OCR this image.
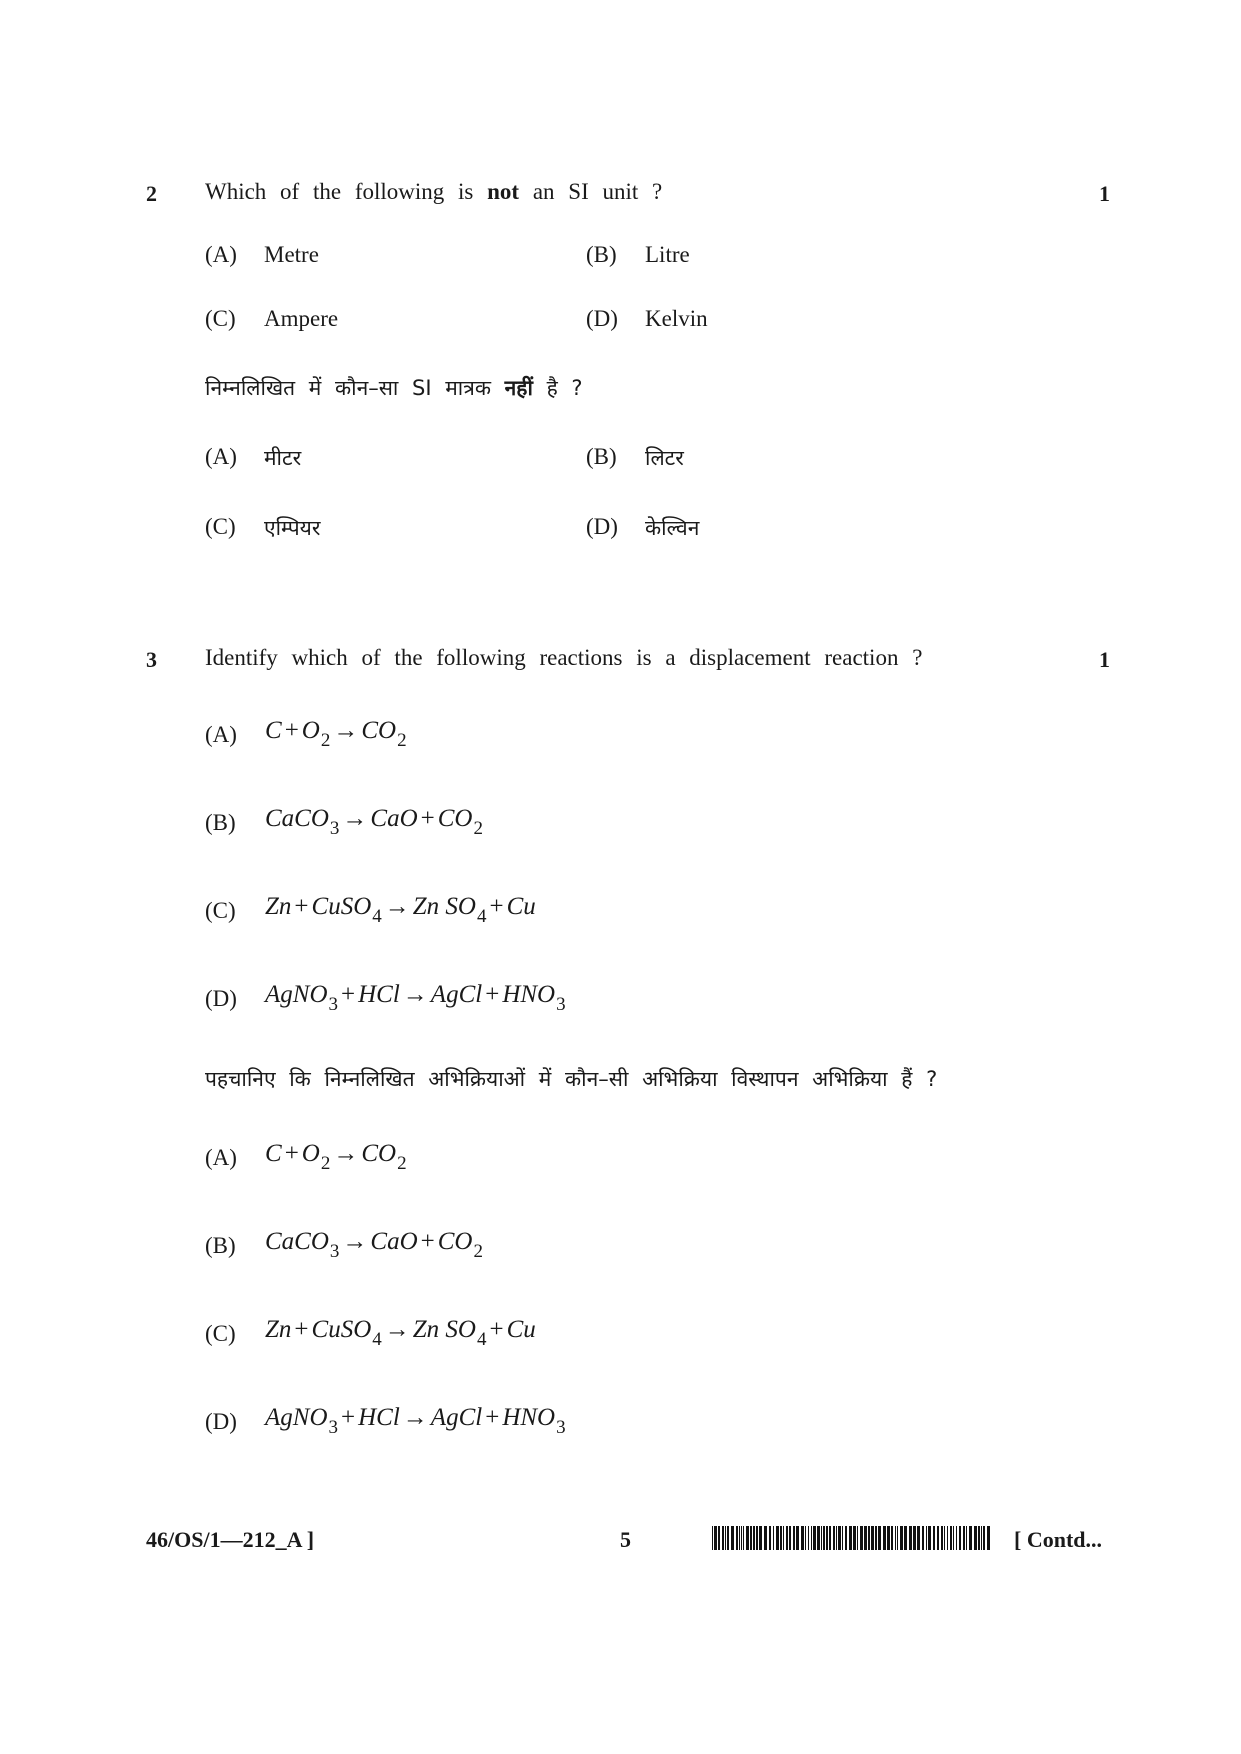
2 Which of the following is not an SI unit ?	1
(A) Metre	(B) Litre
(C) Ampere	(D) Kelvin
निम्नलिखित में कौन–सा SI मात्रक नहीं है ?
(A) मीटर	(B) लिटर
(C) एम्पियर	(D) केल्विन
3 Identify which of the following reactions is a displacement reaction ?	1
(A) $C + O_2 \to CO_2$
(B) CaCO$_3$ → CaO + $CO_2$
(C) Zn + CuSO$_4$ → Zn $SO_4 + Cu$
(D) AgNO$_3$ + HCl → AgCl + $HNO_3$
पहचानिए कि निम्नलिखित अभिक्रियाओं में कौन–सी अभिक्रिया विस्थापन अभिक्रिया हैं ?
(A) $C + O_2 \to CO_2$
(B) CaCO$_3$ → CaO + $CO_2$
(C) Zn + CuSO$_4$ → Zn $SO_4 + Cu$
(D) AgNO$_3$ + HCl → AgCl + $HNO_3$
46/OS/1—212_A ]	5	[ Contd...
